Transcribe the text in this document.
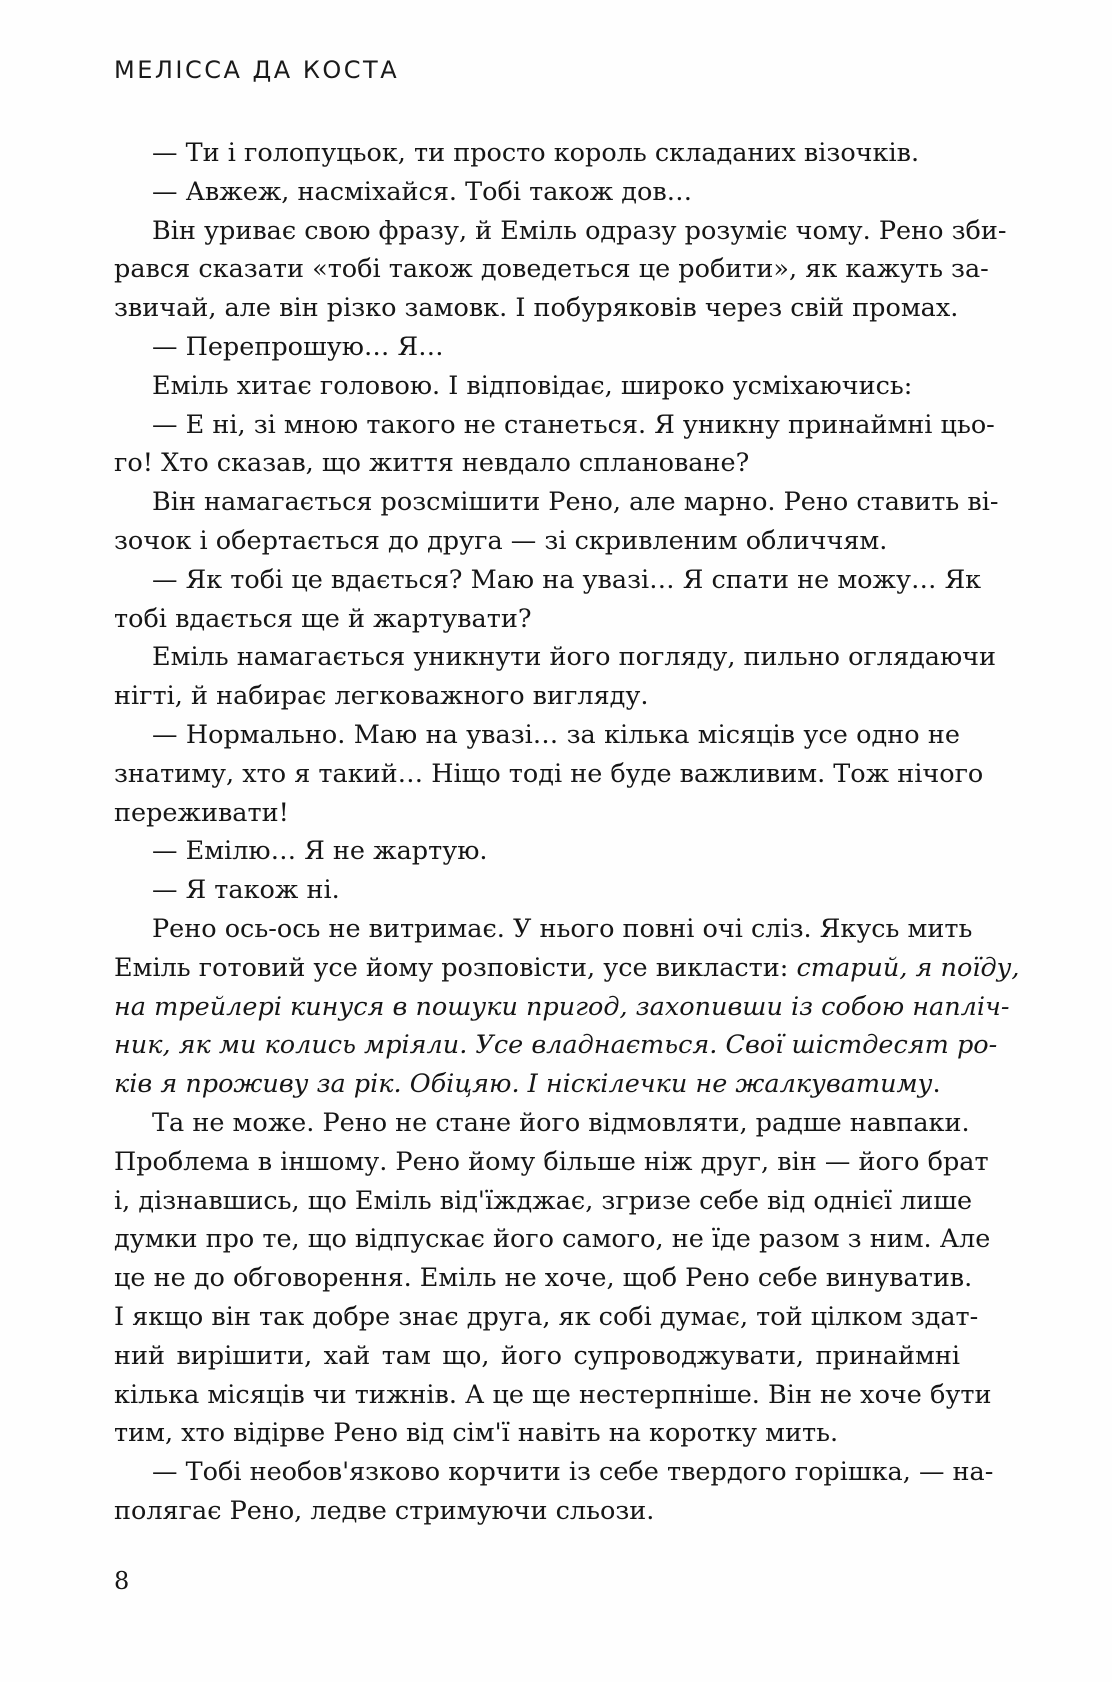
МЕЛІССА ДА КОСТА
— Ти і голопуцьок, ти просто король складаних візочків.
— Авжеж, насміхайся. Тобі також дов…
Він уриває свою фразу, й Еміль одразу розуміє чому. Рено зби-
рався сказати «тобі також доведеться це робити», як кажуть за-
звичай, але він різко замовк. І побуряковів через свій промах.
— Перепрошую… Я…
Еміль хитає головою. І відповідає, широко усміхаючись:
— Е ні, зі мною такого не станеться. Я уникну принаймні цьо-
го! Хто сказав, що життя невдало сплановане?
Він намагається розсмішити Рено, але марно. Рено ставить ві-
зочок і обертається до друга — зі скривленим обличчям.
— Як тобі це вдається? Маю на увазі… Я спати не можу… Як
тобі вдається ще й жартувати?
Еміль намагається уникнути його погляду, пильно оглядаючи
нігті, й набирає легковажного вигляду.
— Нормально. Маю на увазі… за кілька місяців усе одно не
знатиму, хто я такий… Ніщо тоді не буде важливим. Тож нічого
переживати!
— Емілю… Я не жартую.
— Я також ні.
Рено ось-ось не витримає. У нього повні очі сліз. Якусь мить
Еміль готовий усе йому розповісти, усе викласти: старий, я поїду,
на трейлері кинуся в пошуки пригод, захопивши із собою напліч-
ник, як ми колись мріяли. Усе владнається. Свої шістдесят ро-
ків я проживу за рік. Обіцяю. І ніскілечки не жалкуватиму.
Та не може. Рено не стане його відмовляти, радше навпаки.
Проблема в іншому. Рено йому більше ніж друг, він — його брат
і, дізнавшись, що Еміль від'їжджає, згризе себе від однієї лише
думки про те, що відпускає його самого, не їде разом з ним. Але
це не до обговорення. Еміль не хоче, щоб Рено себе винуватив.
І якщо він так добре знає друга, як собі думає, той цілком здат-
ний вирішити, хай там що, його супроводжувати, принаймні
кілька місяців чи тижнів. А це ще нестерпніше. Він не хоче бути
тим, хто відірве Рено від сім'ї навіть на коротку мить.
— Тобі необов'язково корчити із себе твердого горішка, — на-
полягає Рено, ледве стримуючи сльози.
8
